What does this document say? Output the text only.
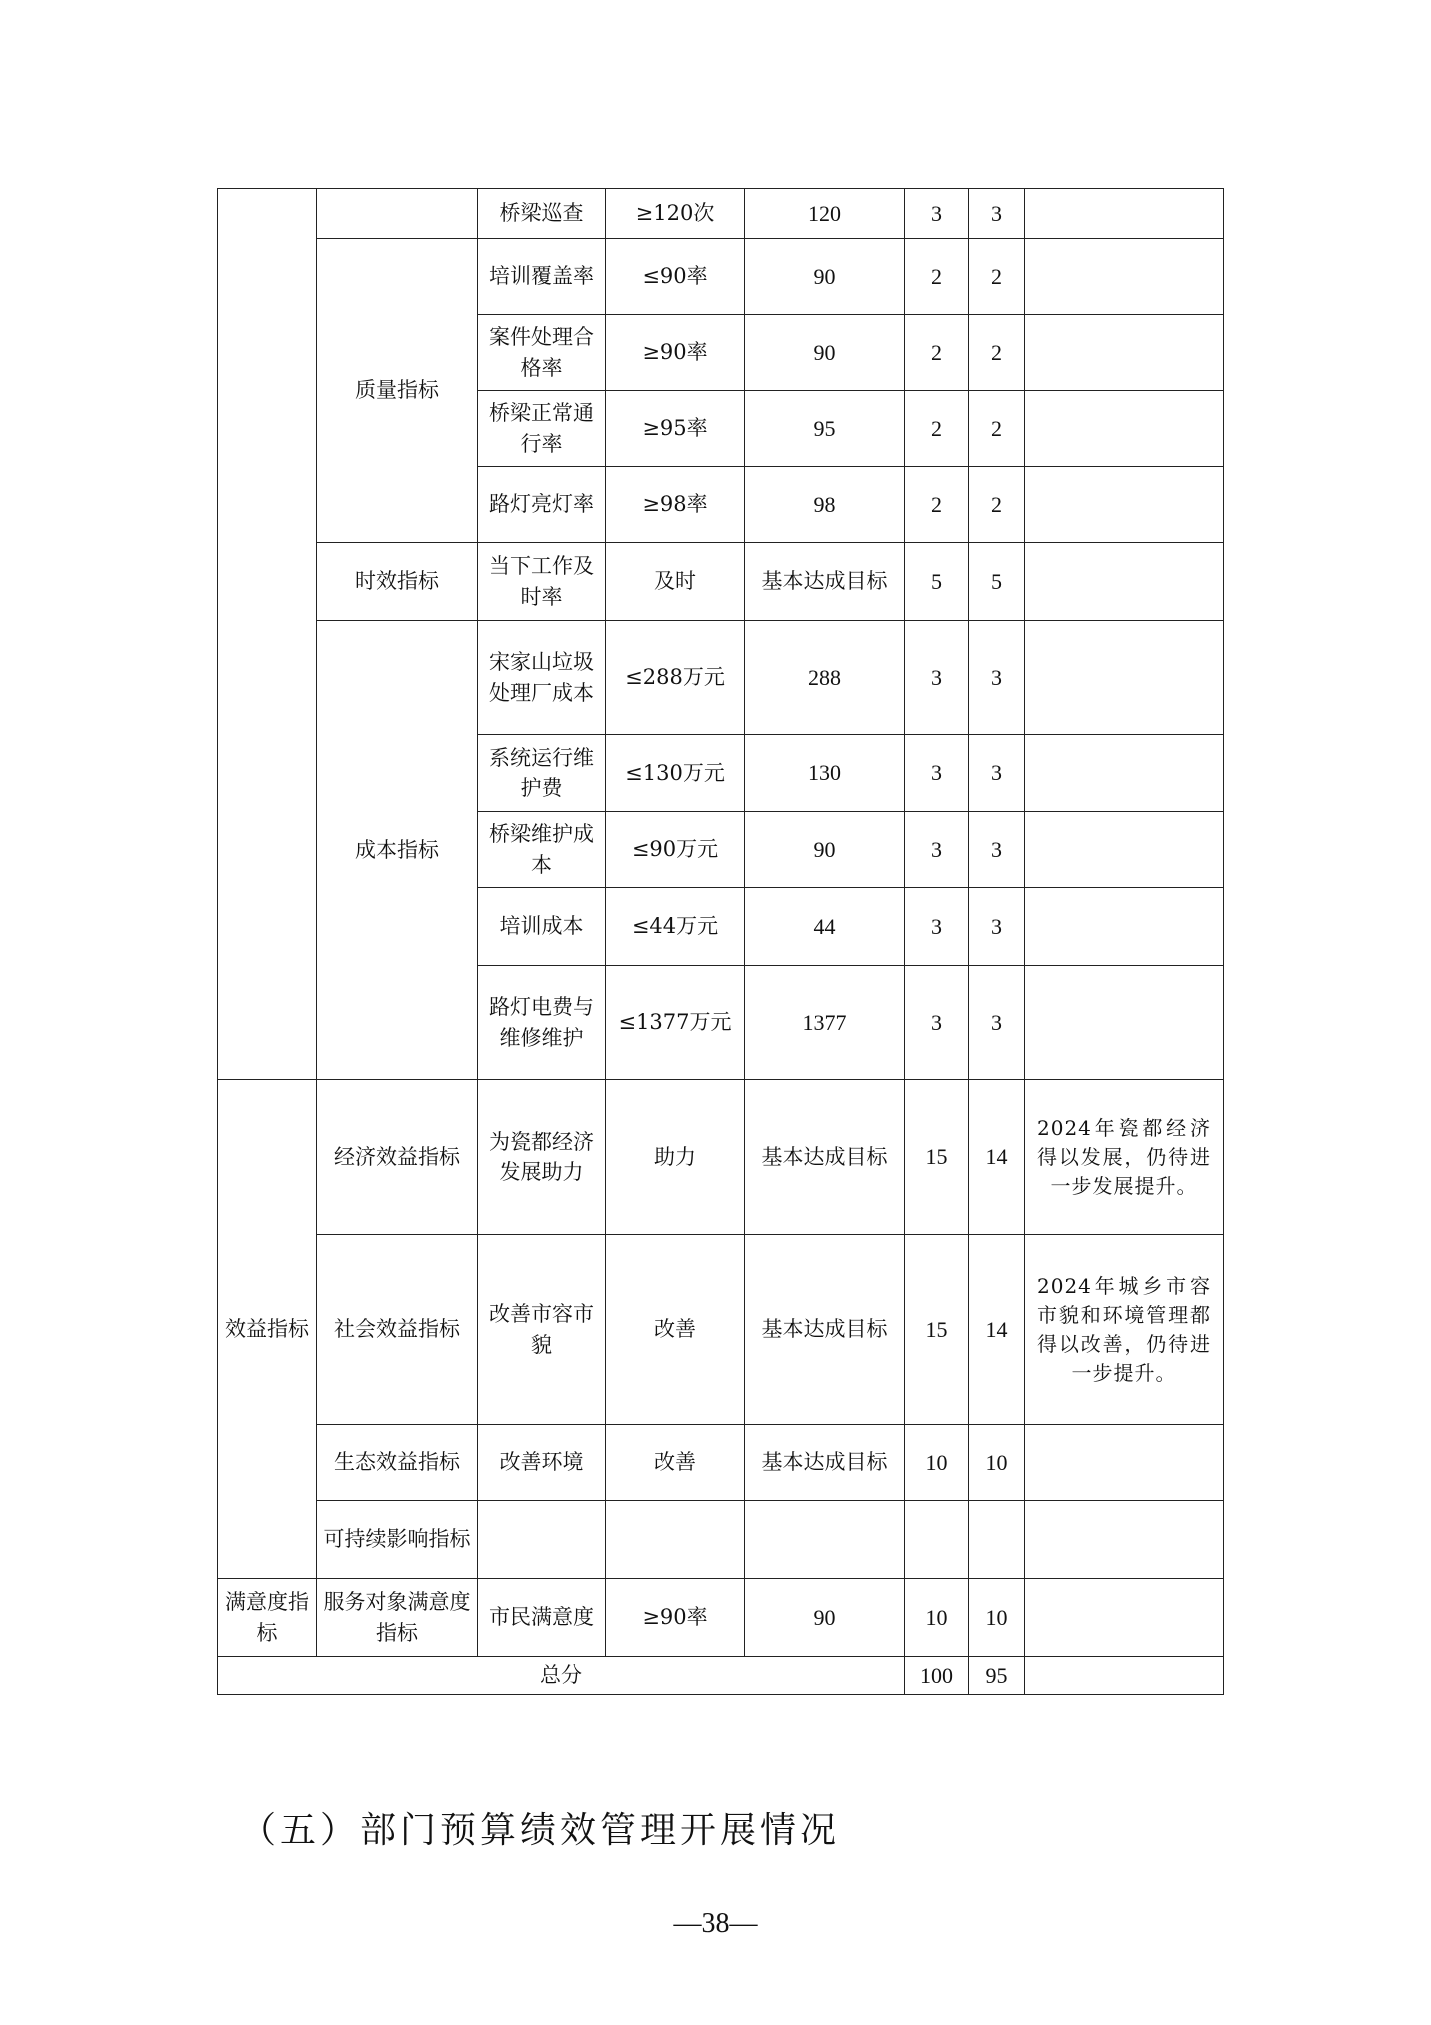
		桥梁巡查	≥120次	120	3	3	
	质量指标	培训覆盖率	≤90率	90	2	2	
		案件处理合格率	≥90率	90	2	2	
		桥梁正常通行率	≥95率	95	2	2	
		路灯亮灯率	≥98率	98	2	2	
	时效指标	当下工作及时率	及时	基本达成目标	5	5	
	成本指标	宋家山垃圾处理厂成本	≤288万元	288	3	3	
		系统运行维护费	≤130万元	130	3	3	
		桥梁维护成本	≤90万元	90	3	3	
		培训成本	≤44万元	44	3	3	
		路灯电费与维修维护	≤1377万元	1377	3	3	
效益指标	经济效益指标	为瓷都经济发展助力	助力	基本达成目标	15	14	2024年瓷都经济得以发展，仍待进一步发展提升。
	社会效益指标	改善市容市貌	改善	基本达成目标	15	14	2024年城乡市容市貌和环境管理都得以改善，仍待进一步提升。
	生态效益指标	改善环境	改善	基本达成目标	10	10	
	可持续影响指标						
满意度指标	服务对象满意度指标	市民满意度	≥90率	90	10	10	
总分					100	95	
（五）部门预算绩效管理开展情况
—38—
